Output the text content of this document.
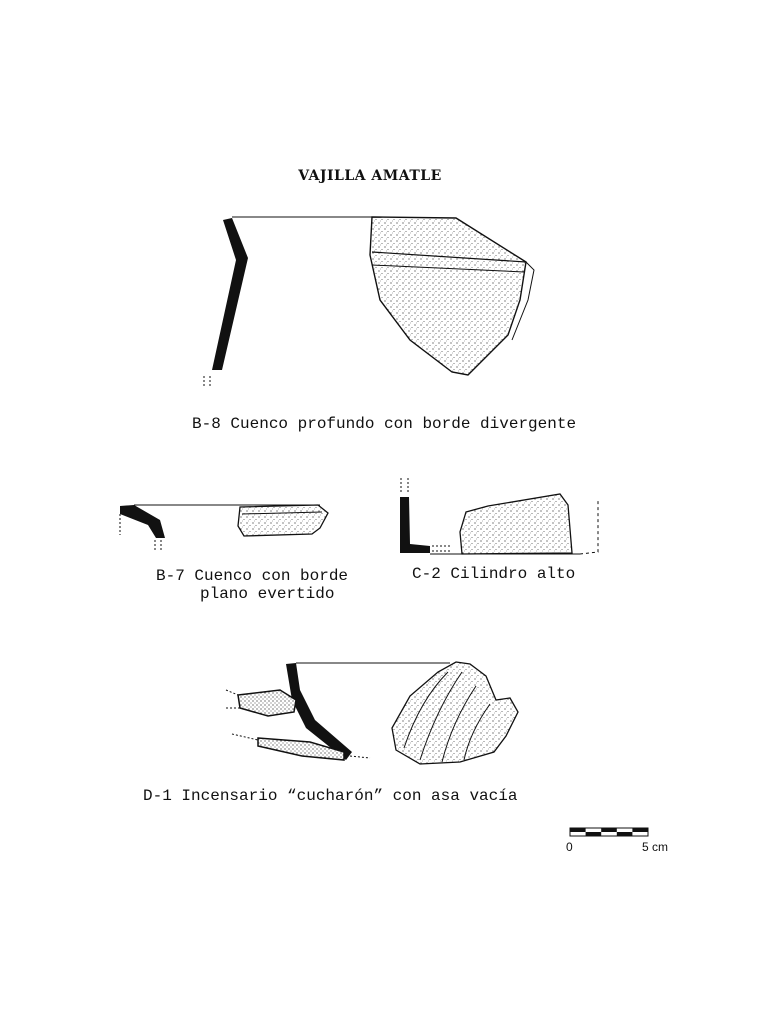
VAJILLA AMATLE
B-8 Cuenco profundo con borde divergente
B-7 Cuenco con borde
plano evertido
C-2 Cilindro alto
D-1 Incensario “cucharón” con asa vacía
0	5 cm
